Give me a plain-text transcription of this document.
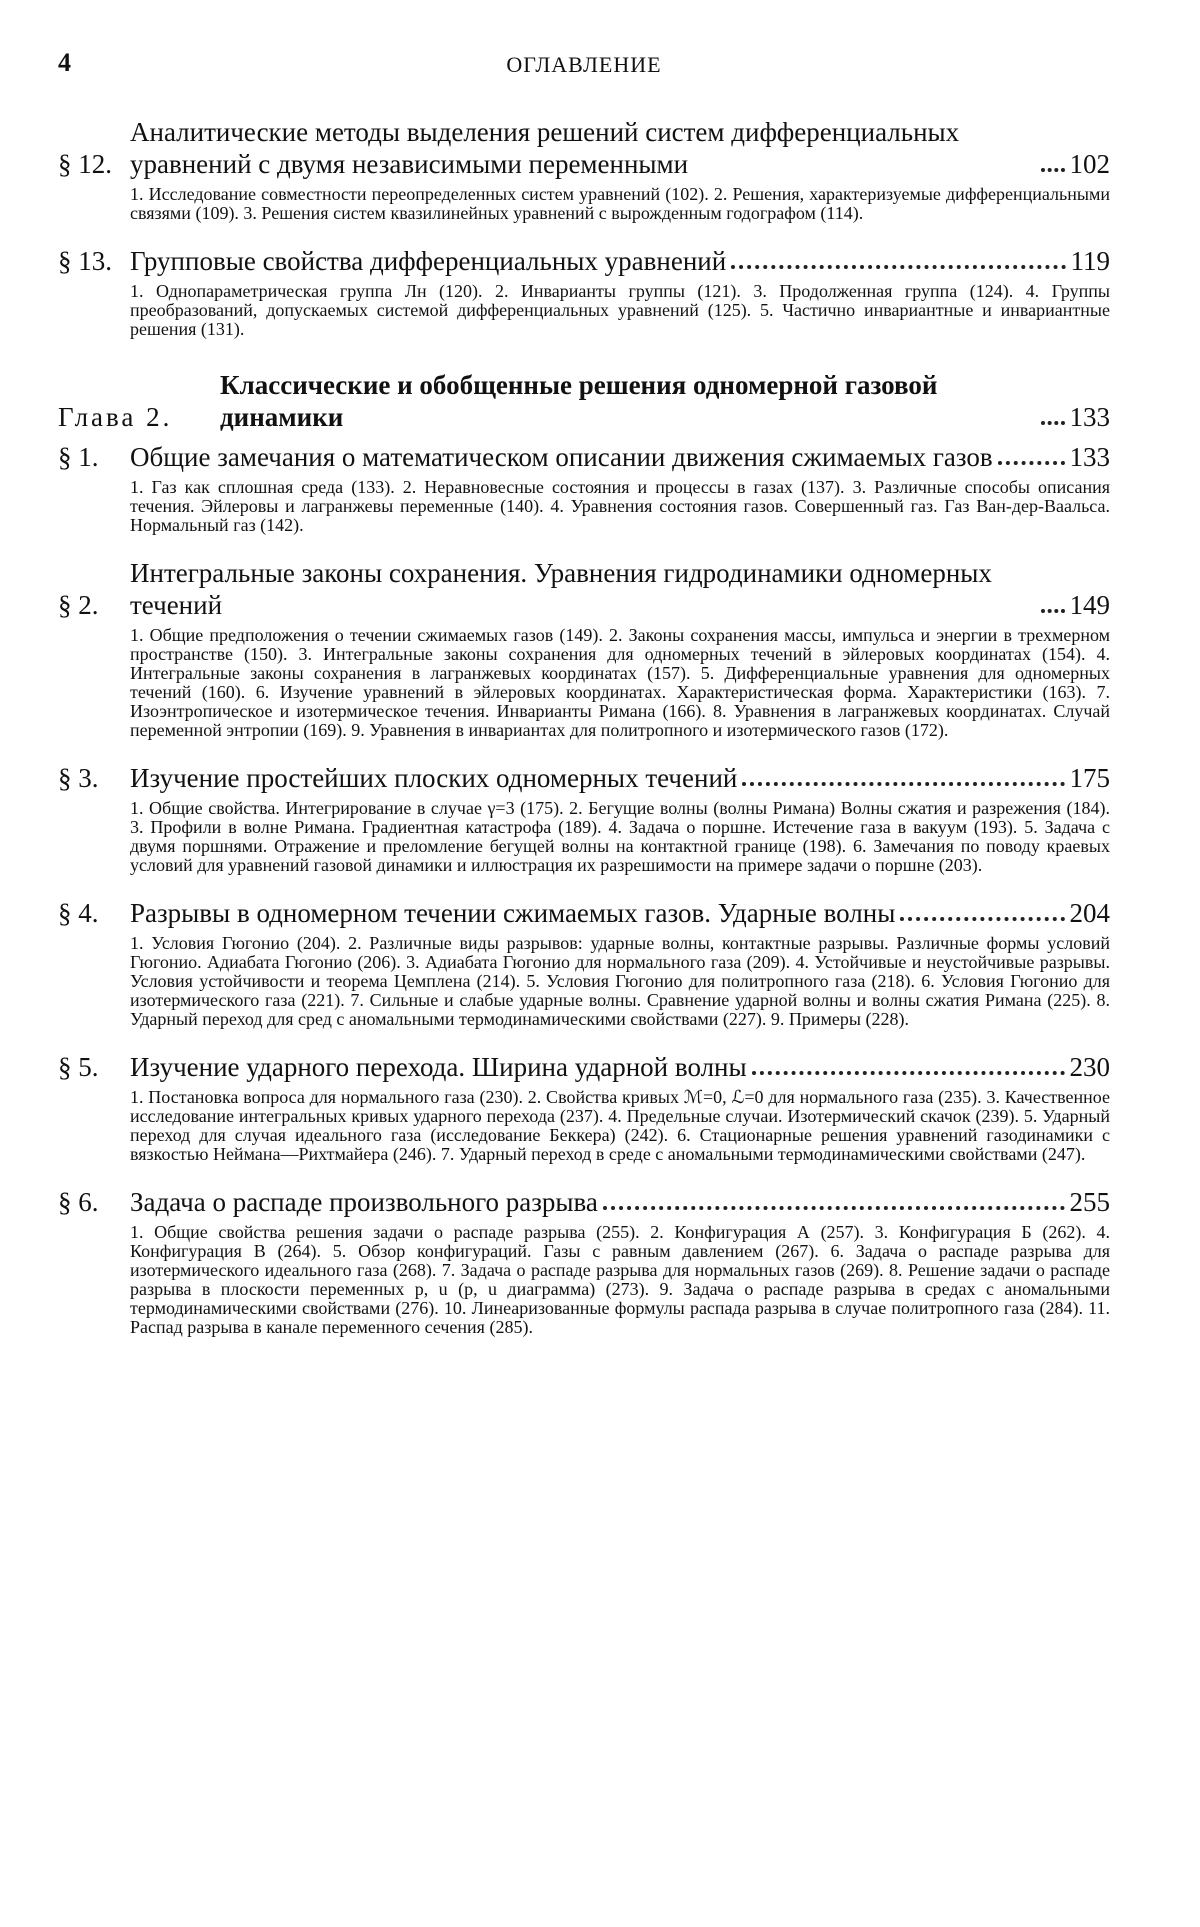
4	ОГЛАВЛЕНИЕ
§ 12.
Аналитические методы выделения решений систем дифференциальных уравнений с двумя независимыми переменными	102
1. Исследование совместности переопределенных систем уравнений (102). 2. Решения, характеризуемые дифференциальными связями (109). 3. Решения систем квазилинейных уравнений с вырожденным годографом (114).
§ 13. Групповые свойства дифференциальных уравнений	119
1. Однопараметрическая группа Лн (120). 2. Инварианты группы (121). 3. Продолженная группа (124). 4. Группы преобразований, допускаемых системой дифференциальных уравнений (125). 5. Частично инвариантные и инвариантные решения (131).
Глава 2.
Классические и обобщенные решения одномерной газовой динамики	133
§ 1.	Общие замечания о математическом описании движения сжимаемых газов	133
1. Газ как сплошная среда (133). 2. Неравновесные состояния и процессы в газах (137). 3. Различные способы описания течения. Эйлеровы и лагранжевы переменные (140). 4. Уравнения состояния газов. Совершенный газ. Газ Ван-дер-Ваальса. Нормальный газ (142).
§ 2.
Интегральные законы сохранения. Уравнения гидродинамики одномерных течений	149
1. Общие предположения о течении сжимаемых газов (149). 2. Законы сохранения массы, импульса и энергии в трехмерном пространстве (150). 3. Интегральные законы сохранения для одномерных течений в эйлеровых координатах (154). 4. Интегральные законы сохранения в лагранжевых координатах (157). 5. Дифференциальные уравнения для одномерных течений (160). 6. Изучение уравнений в эйлеровых координатах. Характеристическая форма. Характеристики (163). 7. Изоэнтропическое и изотермическое течения. Инварианты Римана (166). 8. Уравнения в лагранжевых координатах. Случай переменной энтропии (169). 9. Уравнения в инвариантах для политропного и изотермического газов (172).
§ 3.	Изучение простейших плоских одномерных течений	175
1. Общие свойства. Интегрирование в случае γ=3 (175). 2. Бегущие волны (волны Римана) Волны сжатия и разрежения (184). 3. Профили в волне Римана. Градиентная катастрофа (189). 4. Задача о поршне. Истечение газа в вакуум (193). 5. Задача с двумя поршнями. Отражение и преломление бегущей волны на контактной границе (198). 6. Замечания по поводу краевых условий для уравнений газовой динамики и иллюстрация их разрешимости на примере задачи о поршне (203).
§ 4.	Разрывы в одномерном течении сжимаемых газов. Ударные волны	204
1. Условия Гюгонио (204). 2. Различные виды разрывов: ударные волны, контактные разрывы. Различные формы условий Гюгонио. Адиабата Гюгонио (206). 3. Адиабата Гюгонио для нормального газа (209). 4. Устойчивые и неустойчивые разрывы. Условия устойчивости и теорема Цемплена (214). 5. Условия Гюгонио для политропного газа (218). 6. Условия Гюгонио для изотермического газа (221). 7. Сильные и слабые ударные волны. Сравнение ударной волны и волны сжатия Римана (225). 8. Ударный переход для сред с аномальными термодинамическими свойствами (227). 9. Примеры (228).
§ 5.	Изучение ударного перехода. Ширина ударной волны	230
1. Постановка вопроса для нормального газа (230). 2. Свойства кривых ℳ=0, ℒ=0 для нормального газа (235). 3. Качественное исследование интегральных кривых ударного перехода (237). 4. Предельные случаи. Изотермический скачок (239). 5. Ударный переход для случая идеального газа (исследование Беккера) (242). 6. Стационарные решения уравнений газодинамики с вязкостью Неймана—Рихтмайера (246). 7. Ударный переход в среде с аномальными термодинамическими свойствами (247).
§ 6.	Задача о распаде произвольного разрыва	255
1. Общие свойства решения задачи о распаде разрыва (255). 2. Конфигурация А (257). 3. Конфигурация Б (262). 4. Конфигурация В (264). 5. Обзор конфигураций. Газы с равным давлением (267). 6. Задача о распаде разрыва для изотермического идеального газа (268). 7. Задача о распаде разрыва для нормальных газов (269). 8. Решение задачи о распаде разрыва в плоскости переменных p, u (p, u диаграмма) (273). 9. Задача о распаде разрыва в средах с аномальными термодинамическими свойствами (276). 10. Линеаризованные формулы распада разрыва в случае политропного газа (284). 11. Распад разрыва в канале переменного сечения (285).
